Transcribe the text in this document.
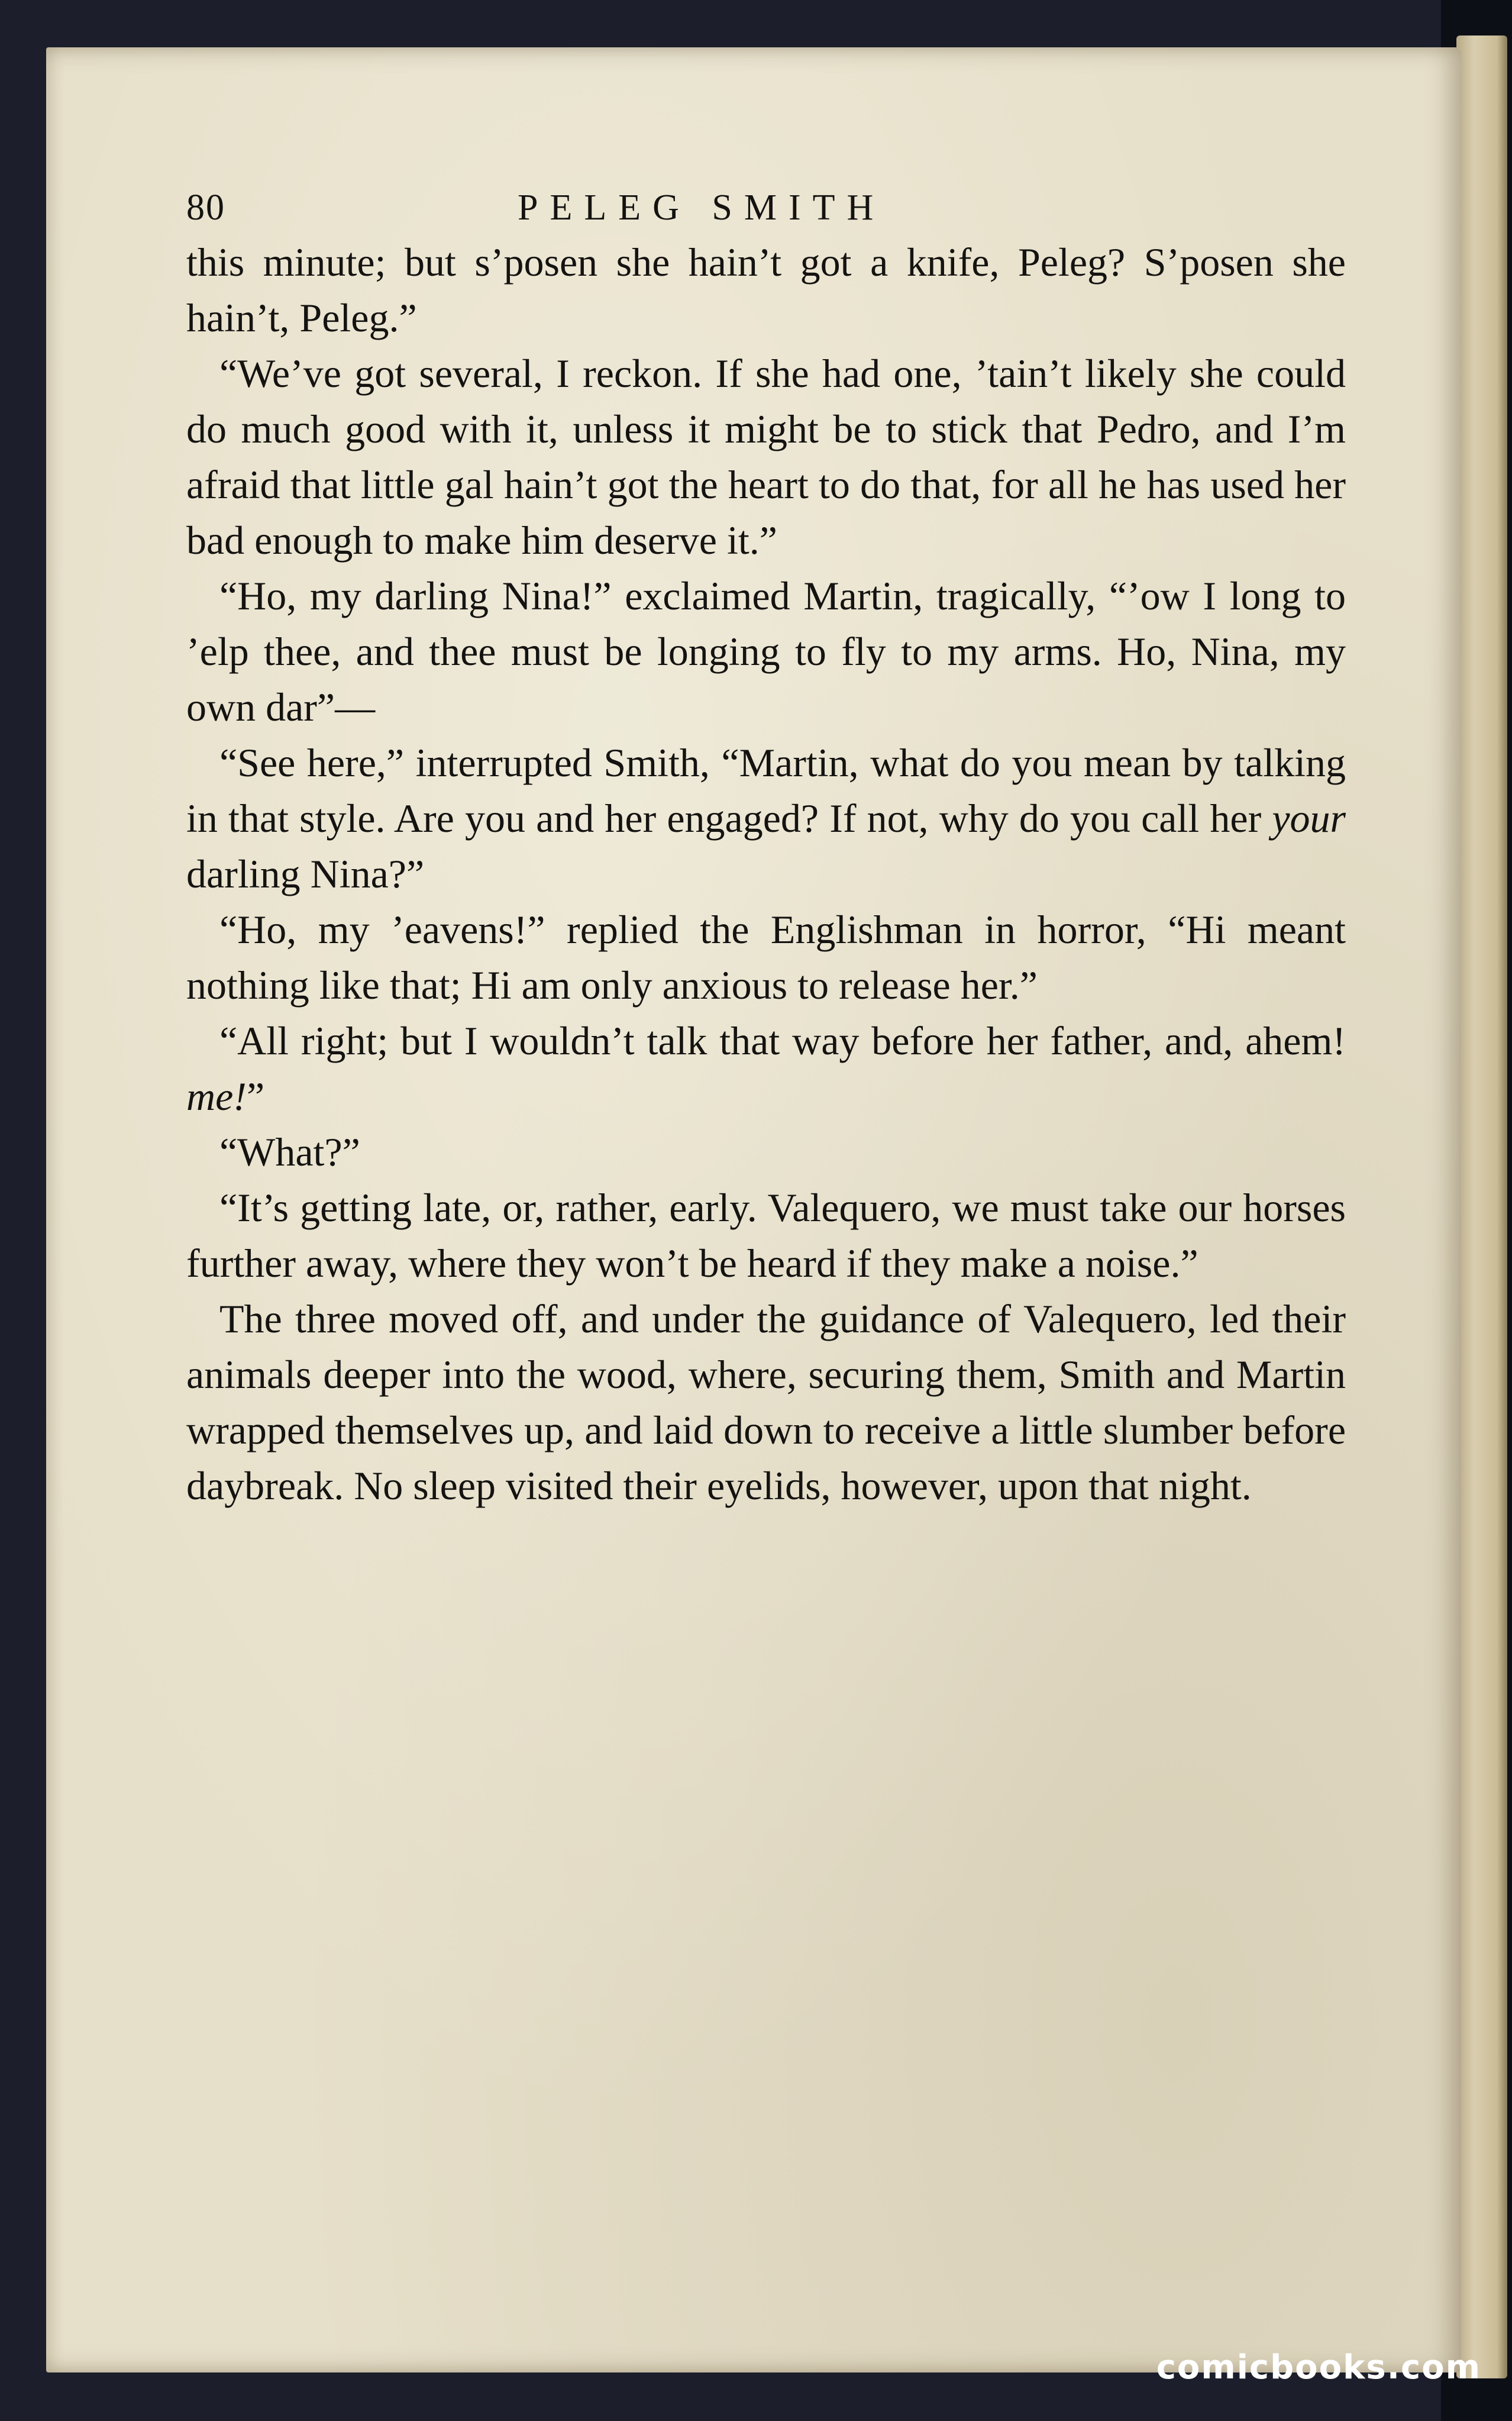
80	PELEG SMITH

this minute; but s’posen she hain’t got a knife, Peleg? S’posen she hain’t, Peleg.”

“We’ve got several, I reckon. If she had one, ’tain’t likely she could do much good with it, unless it might be to stick that Pedro, and I’m afraid that little gal hain’t got the heart to do that, for all he has used her bad enough to make him deserve it.”

“Ho, my darling Nina!” exclaimed Martin, tragically, “’ow I long to ’elp thee, and thee must be longing to fly to my arms. Ho, Nina, my own dar”—

“See here,” interrupted Smith, “Martin, what do you mean by talking in that style. Are you and her engaged? If not, why do you call her your darling Nina?”

“Ho, my ’eavens!” replied the Englishman in horror, “Hi meant nothing like that; Hi am only anxious to release her.”

“All right; but I wouldn’t talk that way before her father, and, ahem! me!”

“What?”

“It’s getting late, or, rather, early. Valequero, we must take our horses further away, where they won’t be heard if they make a noise.”

The three moved off, and under the guidance of Valequero, led their animals deeper into the wood, where, securing them, Smith and Martin wrapped themselves up, and laid down to receive a little slumber before daybreak. No sleep visited their eyelids, however, upon that night.

comicbooks.com
